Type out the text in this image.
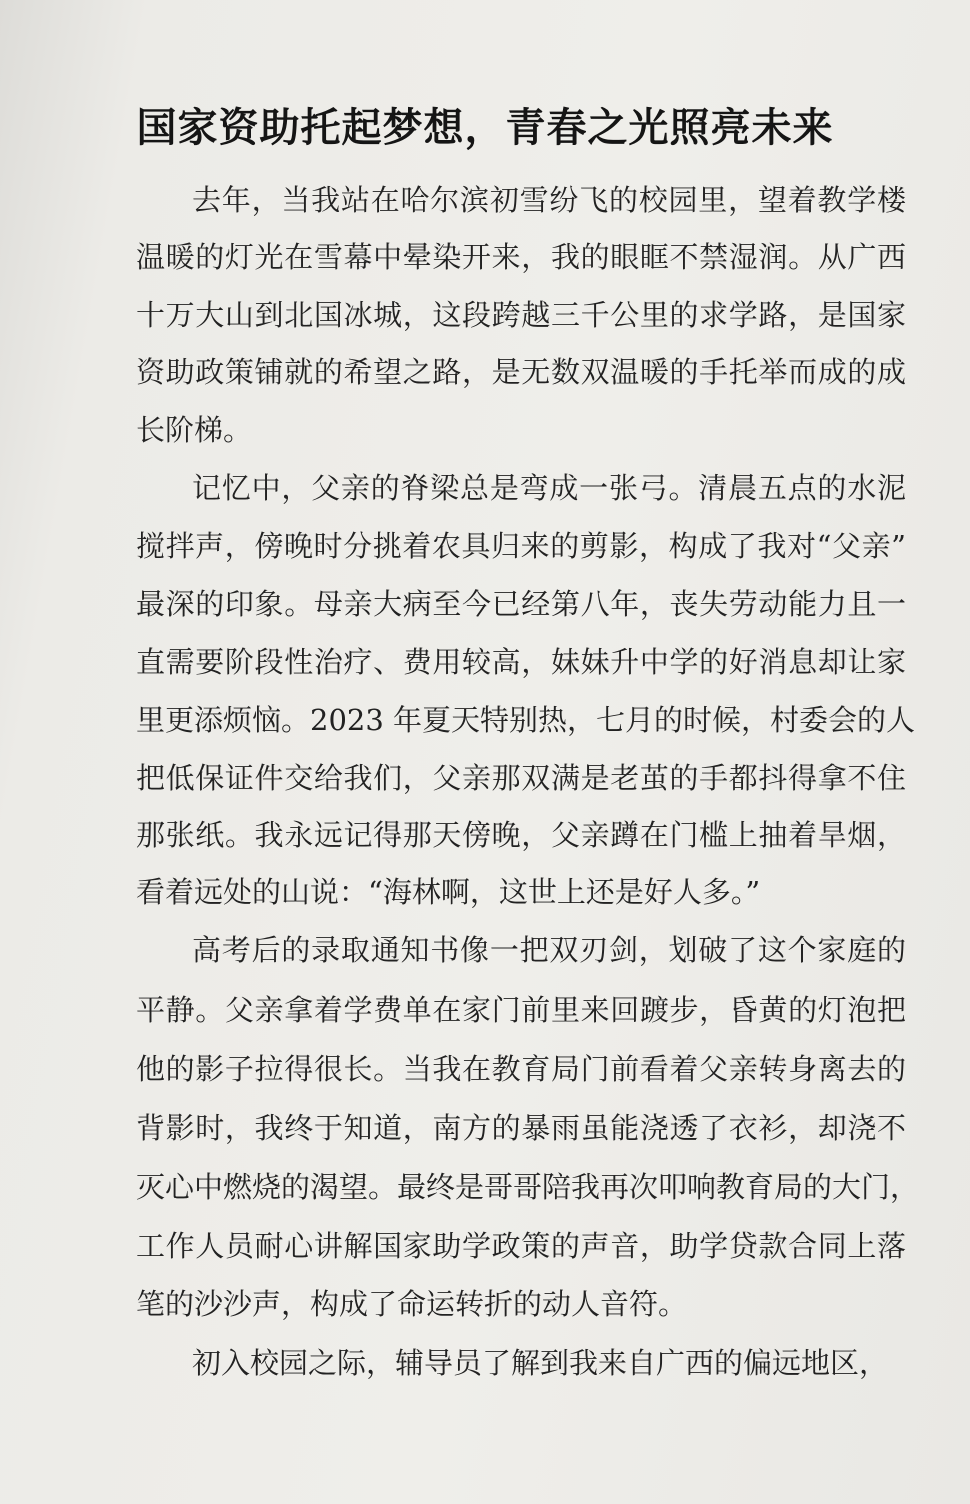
国家资助托起梦想，青春之光照亮未来
去年，当我站在哈尔滨初雪纷飞的校园里，望着教学楼
温暖的灯光在雪幕中晕染开来，我的眼眶不禁湿润。从广西
十万大山到北国冰城，这段跨越三千公里的求学路，是国家
资助政策铺就的希望之路，是无数双温暖的手托举而成的成
长阶梯。
记忆中，父亲的脊梁总是弯成一张弓。清晨五点的水泥
搅拌声，傍晚时分挑着农具归来的剪影，构成了我对“父亲”
最深的印象。母亲大病至今已经第八年，丧失劳动能力且一
直需要阶段性治疗、费用较高，妹妹升中学的好消息却让家
里更添烦恼。2023 年夏天特别热，七月的时候，村委会的人
把低保证件交给我们，父亲那双满是老茧的手都抖得拿不住
那张纸。我永远记得那天傍晚，父亲蹲在门槛上抽着旱烟，
看着远处的山说：“海林啊，这世上还是好人多。”
高考后的录取通知书像一把双刃剑，划破了这个家庭的
平静。父亲拿着学费单在家门前里来回踱步，昏黄的灯泡把
他的影子拉得很长。当我在教育局门前看着父亲转身离去的
背影时，我终于知道，南方的暴雨虽能浇透了衣衫，却浇不
灭心中燃烧的渴望。最终是哥哥陪我再次叩响教育局的大门，
工作人员耐心讲解国家助学政策的声音，助学贷款合同上落
笔的沙沙声，构成了命运转折的动人音符。
初入校园之际，辅导员了解到我来自广西的偏远地区，
